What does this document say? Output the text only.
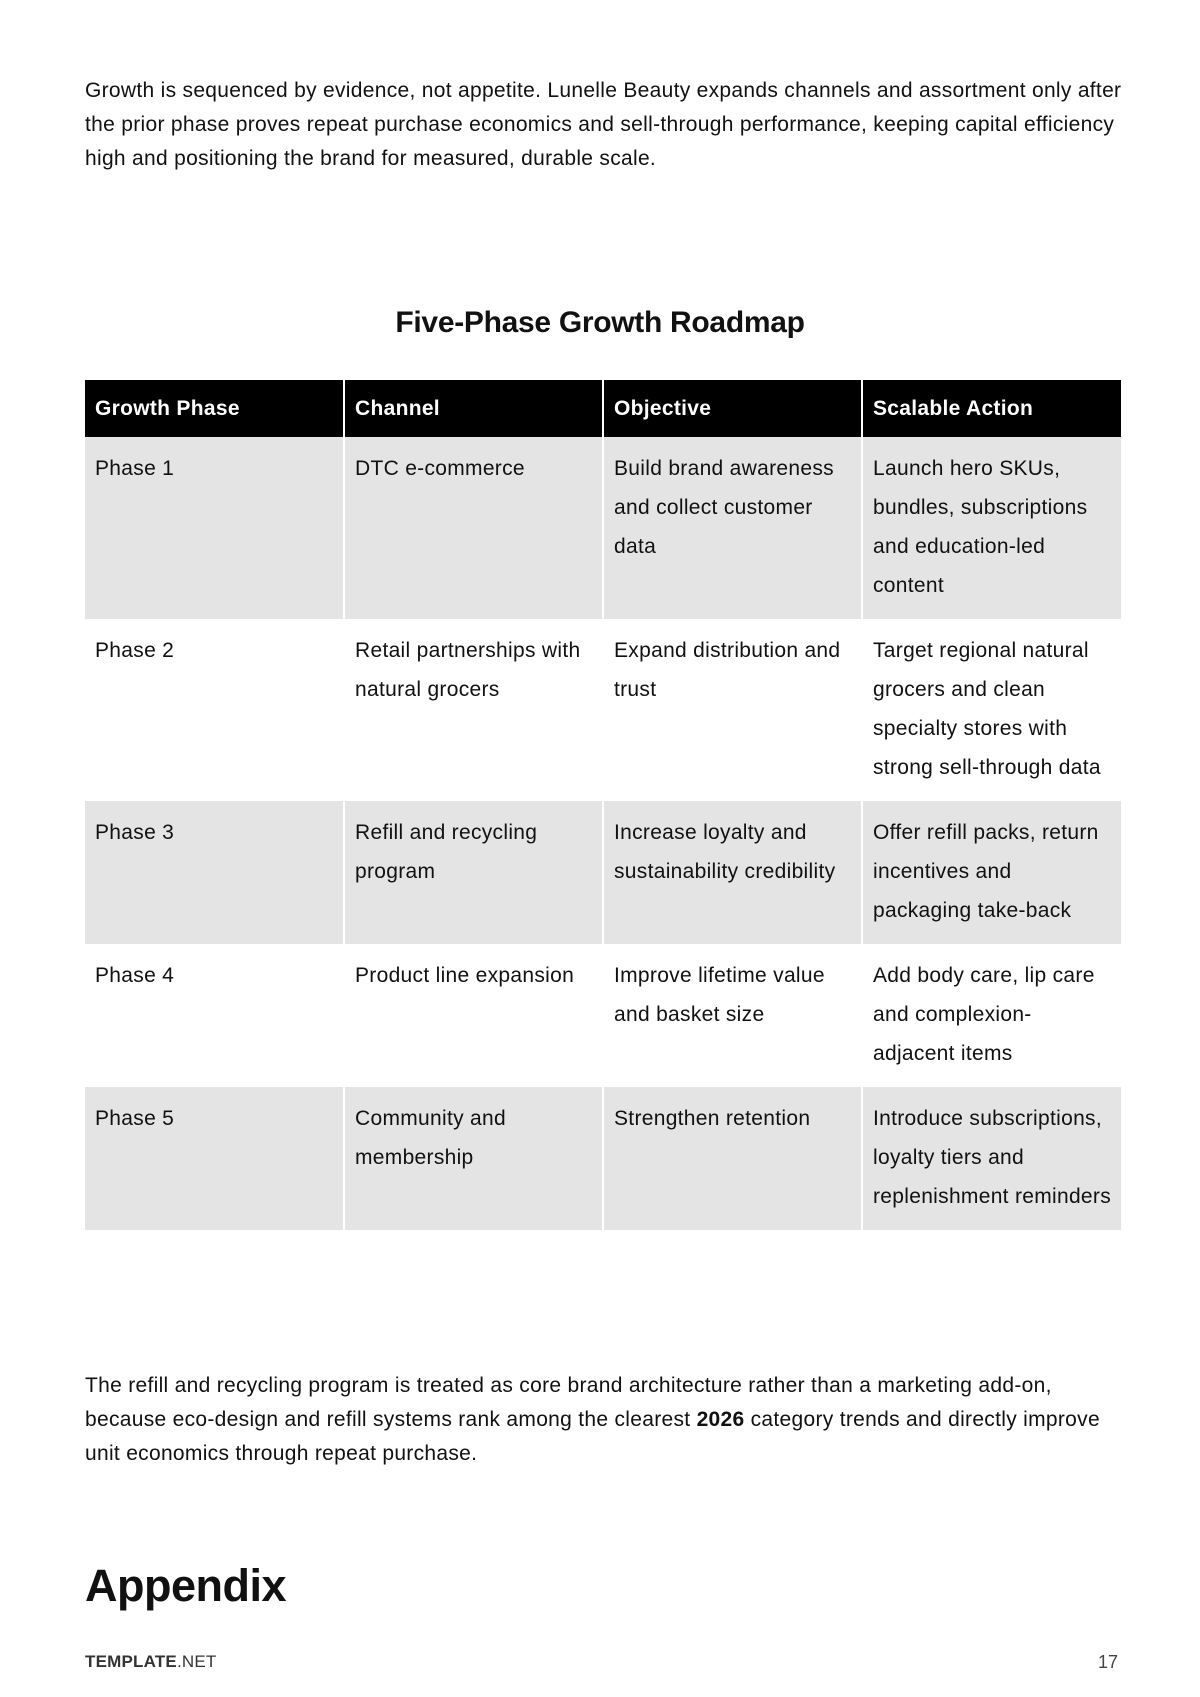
Growth is sequenced by evidence, not appetite. Lunelle Beauty expands channels and assortment only after the prior phase proves repeat purchase economics and sell-through performance, keeping capital efficiency high and positioning the brand for measured, durable scale.

Five-Phase Growth Roadmap
Growth Phase	Channel	Objective	Scalable Action
Phase 1	DTC e-commerce	Build brand awareness and collect customer data	Launch hero SKUs, bundles, subscriptions and education-led content
Phase 2	Retail partnerships with natural grocers	Expand distribution and trust	Target regional natural grocers and clean specialty stores with strong sell-through data
Phase 3	Refill and recycling program	Increase loyalty and sustainability credibility	Offer refill packs, return incentives and packaging take-back
Phase 4	Product line expansion	Improve lifetime value and basket size	Add body care, lip care and complexion-adjacent items
Phase 5	Community and membership	Strengthen retention	Introduce subscriptions, loyalty tiers and replenishment reminders

The refill and recycling program is treated as core brand architecture rather than a marketing add-on, because eco-design and refill systems rank among the clearest 2026 category trends and directly improve unit economics through repeat purchase.

Appendix
TEMPLATE.NET	17
